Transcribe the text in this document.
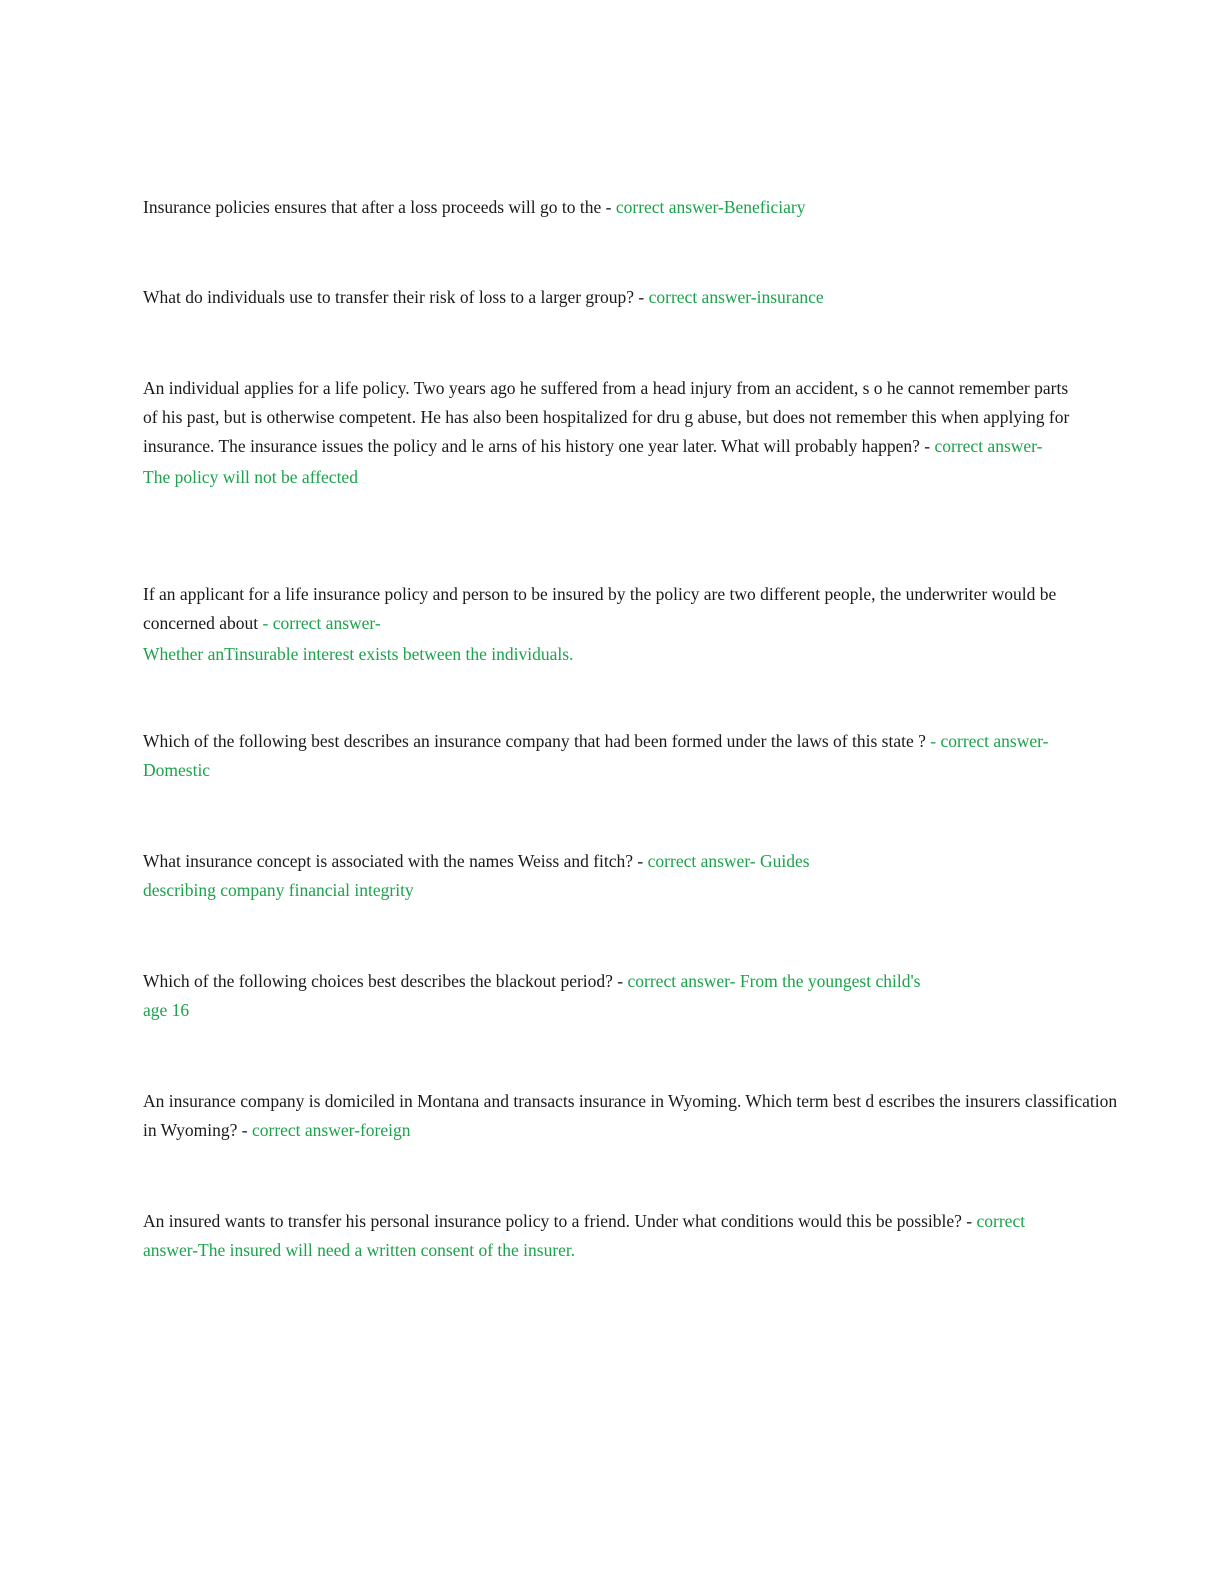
Insurance policies ensures that after a loss proceeds will go to the - correct answer-Beneficiary

What do individuals use to transfer their risk of loss to a larger group? - correct answer-insurance

An individual applies for a life policy. Two years ago he suffered from a head injury from an accident, s o he cannot remember parts of his past, but is otherwise competent. He has also been hospitalized for dru g abuse, but does not remember this when applying for insurance. The insurance issues the policy and le arns of his history one year later. What will probably happen? - correct answer-
The policy will not be affected

If an applicant for a life insurance policy and person to be insured by the policy are two different people, the underwriter would be concerned about - correct answer-
Whether anTinsurable interest exists between the individuals.

Which of the following best describes an insurance company that had been formed under the laws of this state ? - correct answer-Domestic

What insurance concept is associated with the names Weiss and fitch? - correct answer- Guides describing company financial integrity

Which of the following choices best describes the blackout period? - correct answer- From the youngest child's age 16

An insurance company is domiciled in Montana and transacts insurance in Wyoming. Which term best d escribes the insurers classification in Wyoming? - correct answer-foreign

An insured wants to transfer his personal insurance policy to a friend. Under what conditions would this be possible? - correct answer-The insured will need a written consent of the insurer.
